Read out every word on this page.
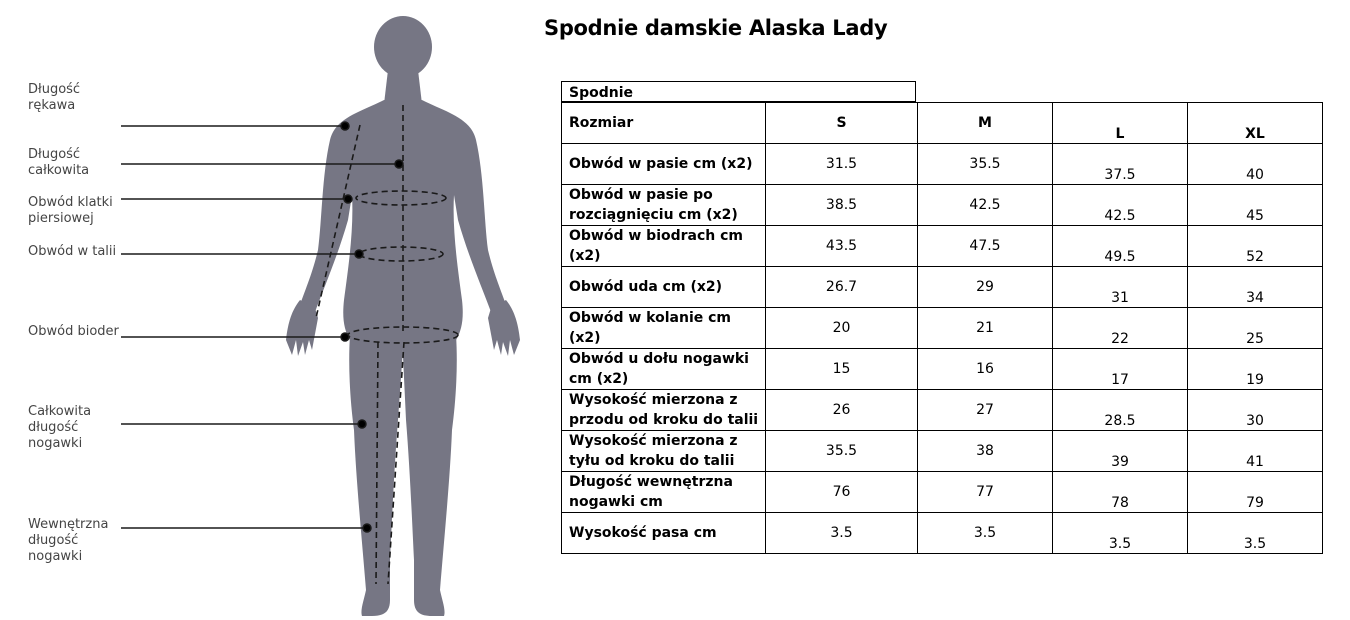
Spodnie damskie Alaska Lady
Długość
rękawa
Długość
całkowita
Obwód klatki
piersiowej
Obwód w talii
Obwód bioder
Całkowita
długość
nogawki
Wewnętrzna
długość
nogawki
Spodnie
Rozmiar	S	M	L	XL
Obwód w pasie cm (x2)	31.5	35.5	37.5	40
Obwód w pasie po rozciągnięciu cm (x2)	38.5	42.5	42.5	45
Obwód w biodrach cm (x2)	43.5	47.5	49.5	52
Obwód uda cm (x2)	26.7	29	31	34
Obwód w kolanie cm (x2)	20	21	22	25
Obwód u dołu nogawki cm (x2)	15	16	17	19
Wysokość mierzona z przodu od kroku do talii	26	27	28.5	30
Wysokość mierzona z tyłu od kroku do talii	35.5	38	39	41
Długość wewnętrzna nogawki cm	76	77	78	79
Wysokość pasa cm	3.5	3.5	3.5	3.5
